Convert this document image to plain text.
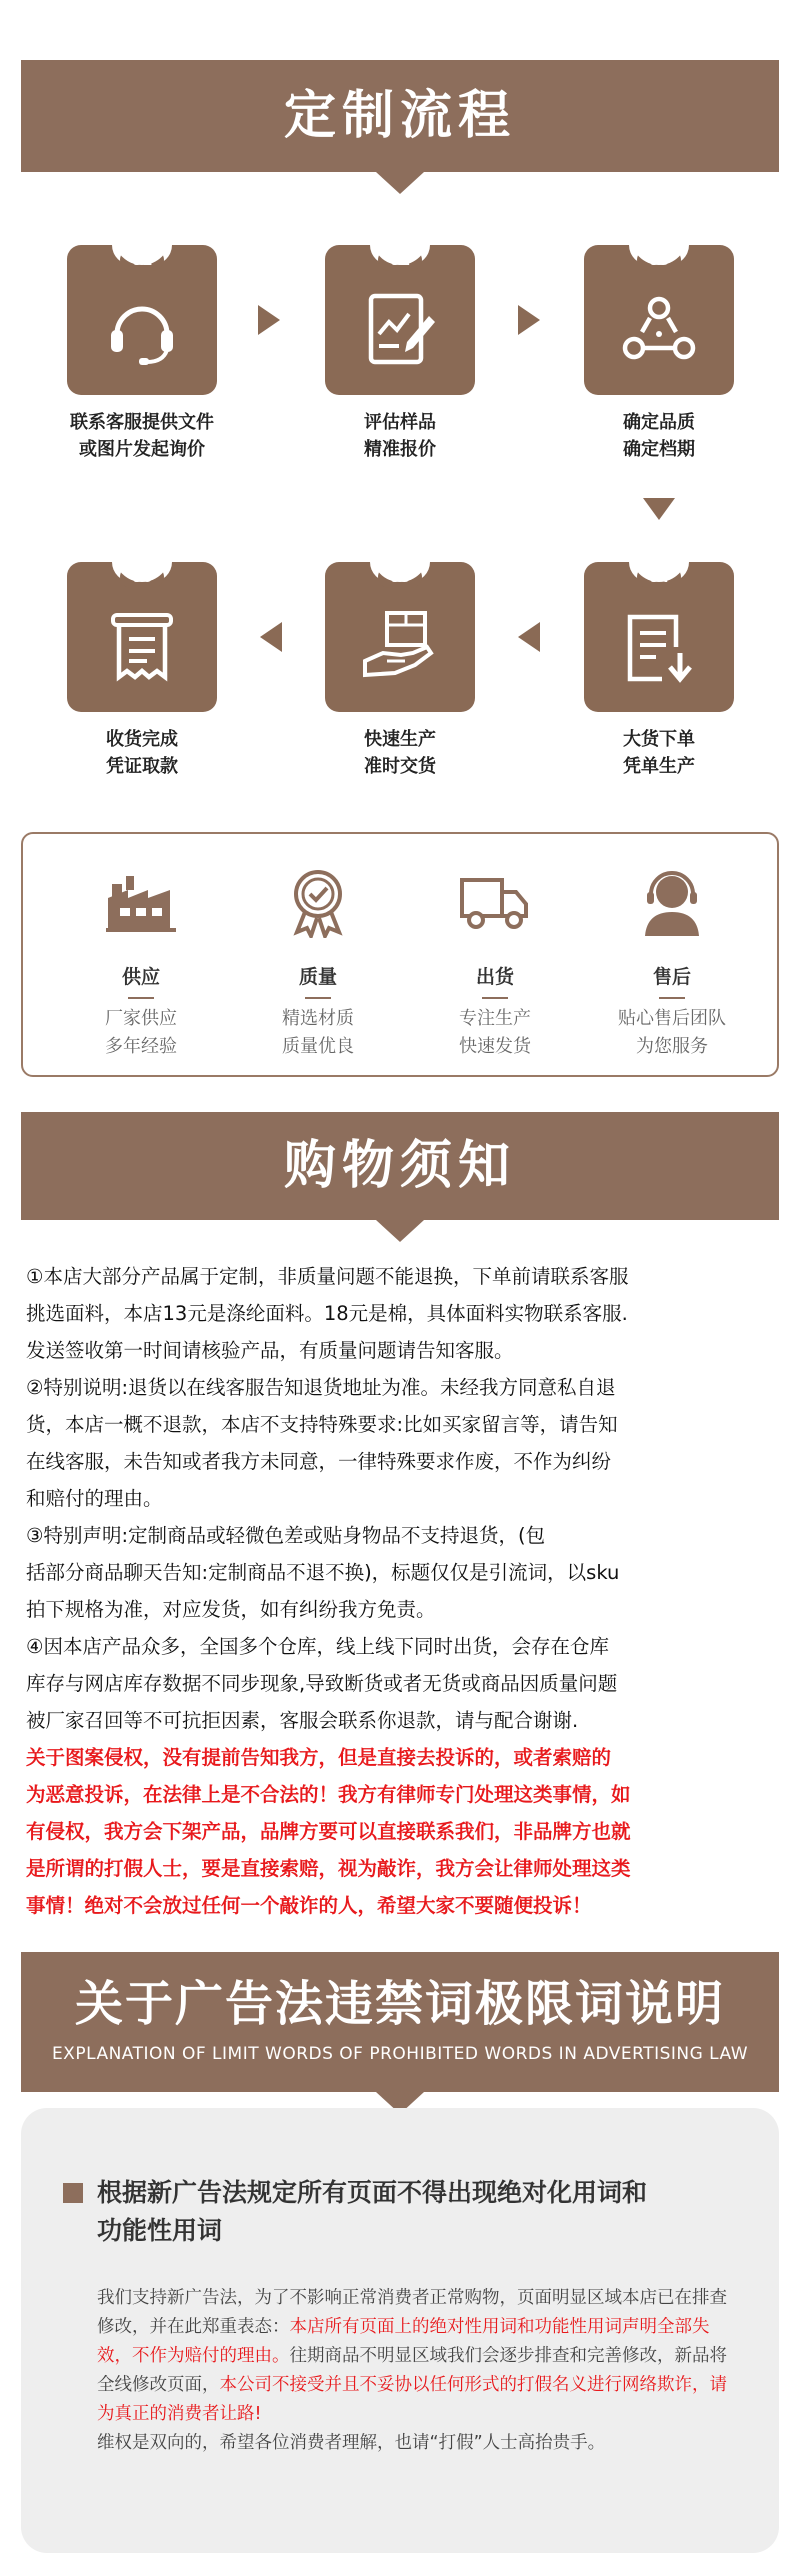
定制流程
01
联系客服提供文件
或图片发起询价
02
评估样品
精准报价
03
确定品质
确定档期
06
收货完成
凭证取款
05
快速生产
准时交货
04
大货下单
凭单生产
供应
厂家供应
多年经验
质量
精选材质
质量优良
出货
专注生产
快速发货
售后
贴心售后团队
为您服务
购物须知

①本店大部分产品属于定制，非质量问题不能退换，下单前请联系客服

挑选面料，本店13元是涤纶面料。18元是棉，具体面料实物联系客服.

发送签收第一时间请核验产品，有质量问题请告知客服。

②特别说明:退货以在线客服告知退货地址为准。未经我方同意私自退

货，本店一概不退款，本店不支持特殊要求:比如买家留言等，请告知

在线客服，未告知或者我方未同意，一律特殊要求作废，不作为纠纷

和赔付的理由。

③特别声明:定制商品或轻微色差或贴身物品不支持退货，(包

括部分商品聊天告知:定制商品不退不换)，标题仅仅是引流词，以sku

拍下规格为准，对应发货，如有纠纷我方免责。

④因本店产品众多，全国多个仓库，线上线下同时出货，会存在仓库

库存与网店库存数据不同步现象,导致断货或者无货或商品因质量问题

被厂家召回等不可抗拒因素，客服会联系你退款，请与配合谢谢.

关于图案侵权，没有提前告知我方，但是直接去投诉的，或者索赔的

为恶意投诉，在法律上是不合法的！我方有律师专门处理这类事情，如

有侵权，我方会下架产品，品牌方要可以直接联系我们，非品牌方也就

是所谓的打假人士，要是直接索赔，视为敲诈，我方会让律师处理这类

事情！绝对不会放过任何一个敲诈的人，希望大家不要随便投诉！

关于广告法违禁词极限词说明
EXPLANATION OF LIMIT WORDS OF PROHIBITED WORDS IN ADVERTISING LAW
根据新广告法规定所有页面不得出现绝对化用词和
功能性用词
我们支持新广告法，为了不影响正常消费者正常购物，页面明显区域本店已在排查修改，并在此郑重表态：本店所有页面上的绝对性用词和功能性用词声明全部失效，不作为赔付的理由。往期商品不明显区域我们会逐步排查和完善修改，新品将全线修改页面，本公司不接受并且不妥协以任何形式的打假名义进行网络欺诈，请为真正的消费者让路!
维权是双向的，希望各位消费者理解，也请“打假”人士高抬贵手。
